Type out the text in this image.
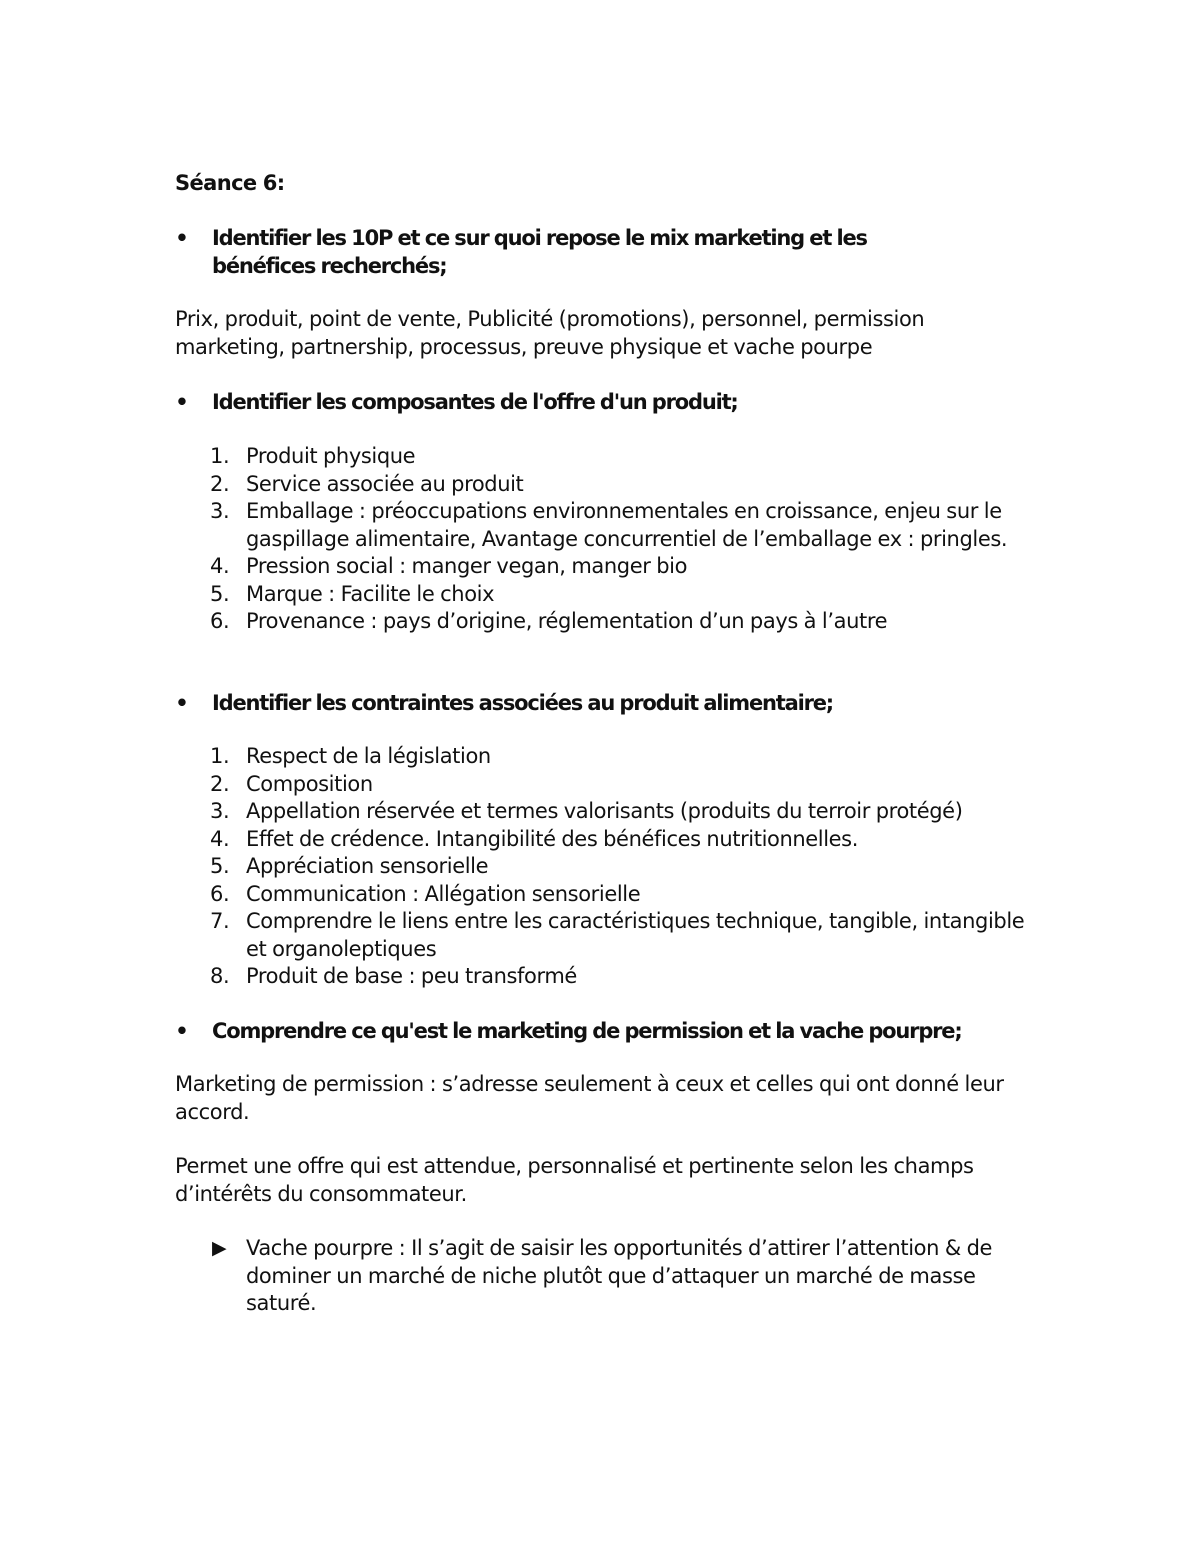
Séance 6:
• Identifier les 10P et ce sur quoi repose le mix marketing et les bénéfices recherchés;
Prix, produit, point de vente, Publicité (promotions), personnel, permission marketing, partnership, processus, preuve physique et vache pourpe
• Identifier les composantes de l'offre d'un produit;
1. Produit physique
2. Service associée au produit
3. Emballage : préoccupations environnementales en croissance, enjeu sur le gaspillage alimentaire, Avantage concurrentiel de l’emballage ex : pringles.
4. Pression social : manger vegan, manger bio
5. Marque : Facilite le choix
6. Provenance : pays d’origine, réglementation d’un pays à l’autre
• Identifier les contraintes associées au produit alimentaire;
1. Respect de la législation
2. Composition
3. Appellation réservée et termes valorisants (produits du terroir protégé)
4. Effet de crédence. Intangibilité des bénéfices nutritionnelles.
5. Appréciation sensorielle
6. Communication : Allégation sensorielle
7. Comprendre le liens entre les caractéristiques technique, tangible, intangible et organoleptiques
8. Produit de base : peu transformé
• Comprendre ce qu'est le marketing de permission et la vache pourpre;
Marketing de permission : s’adresse seulement à ceux et celles qui ont donné leur accord.
Permet une offre qui est attendue, personnalisé et pertinente selon les champs d’intérêts du consommateur.
▶ Vache pourpre : Il s’agit de saisir les opportunités d’attirer l’attention & de dominer un marché de niche plutôt que d’attaquer un marché de masse saturé.
